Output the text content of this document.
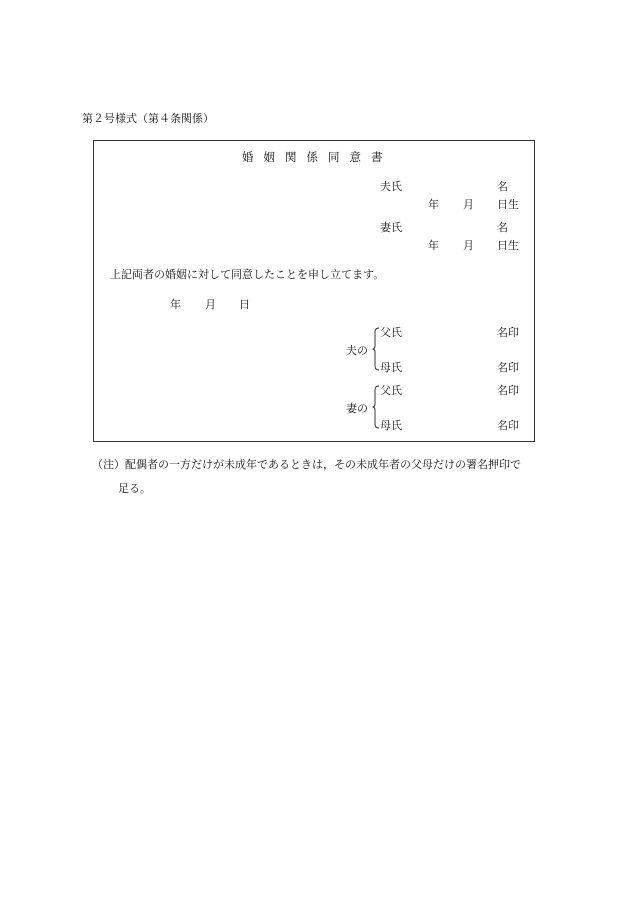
第２号様式（第４条関係）
婚姻関係同意書
夫氏	名
年 月 日生
妻氏	名
年 月 日生
上記両者の婚姻に対して同意したことを申し立てます。
年 月 日
夫の
父氏	名印
母氏	名印
妻の
父氏	名印
母氏	名印
（注） 配偶者の一方だけが未成年であるときは，その未成年者の父母だけの署名押印で
足る。
